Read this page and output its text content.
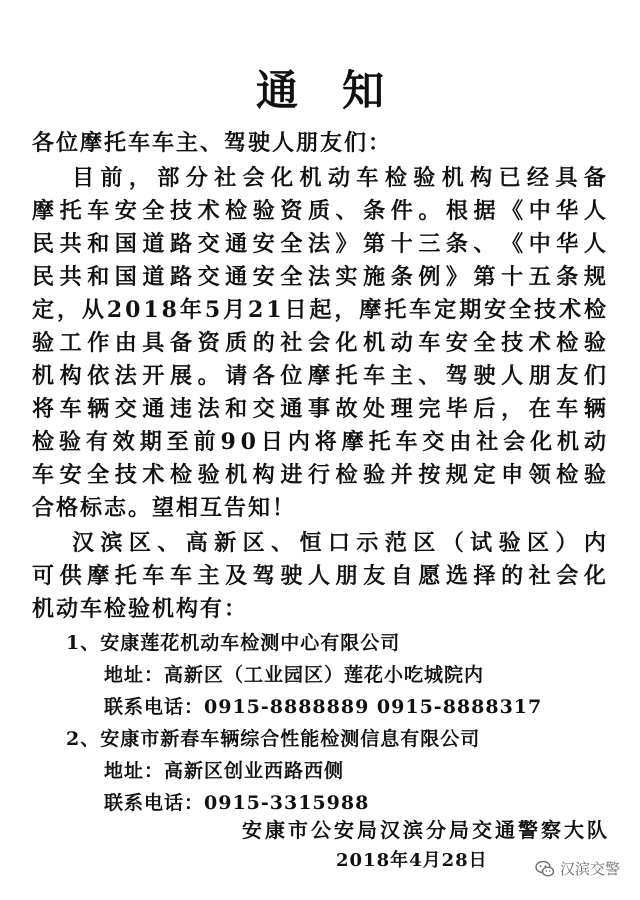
通知
各位摩托车车主、驾驶人朋友们：
目 前 ， 部 分 社 会 化 机 动 车 检 验 机 构 已 经 具 备
摩 托 车 安 全 技 术 检 验 资 质 、 条 件 。 根 据 《 中 华 人
民 共 和 国 道 路 交 通 安 全 法 》 第 十 三 条 、 《 中 华 人
民 共 和 国 道 路 交 通 安 全 法 实 施 条 例 》 第 十 五 条 规
定 ， 从 2 0 1 8 年 5 月 2 1 日 起 ， 摩 托 车 定 期 安 全 技 术 检
验 工 作 由 具 备 资 质 的 社 会 化 机 动 车 安 全 技 术 检 验
机 构 依 法 开 展 。 请 各 位 摩 托 车 主 、 驾 驶 人 朋 友 们
将 车 辆 交 通 违 法 和 交 通 事 故 处 理 完 毕 后 ， 在 车 辆
检 验 有 效 期 至 前 9 0 日 内 将 摩 托 车 交 由 社 会 化 机 动
车 安 全 技 术 检 验 机 构 进 行 检 验 并 按 规 定 申 领 检 验
合格标志。望相互告知！
汉 滨 区 、 高 新 区 、 恒 口 示 范 区 （ 试 验 区 ） 内
可 供 摩 托 车 车 主 及 驾 驶 人 朋 友 自 愿 选 择 的 社 会 化
机动车检验机构有：
1、安康莲花机动车检测中心有限公司
地址：高新区（工业园区）莲花小吃城院内
联系电话：0915-8888889 0915-8888317
2、安康市新春车辆综合性能检测信息有限公司
地址：高新区创业西路西侧
联系电话：0915-3315988
安康市公安局汉滨分局交通警察大队
2018年4月28日	汉滨交警
